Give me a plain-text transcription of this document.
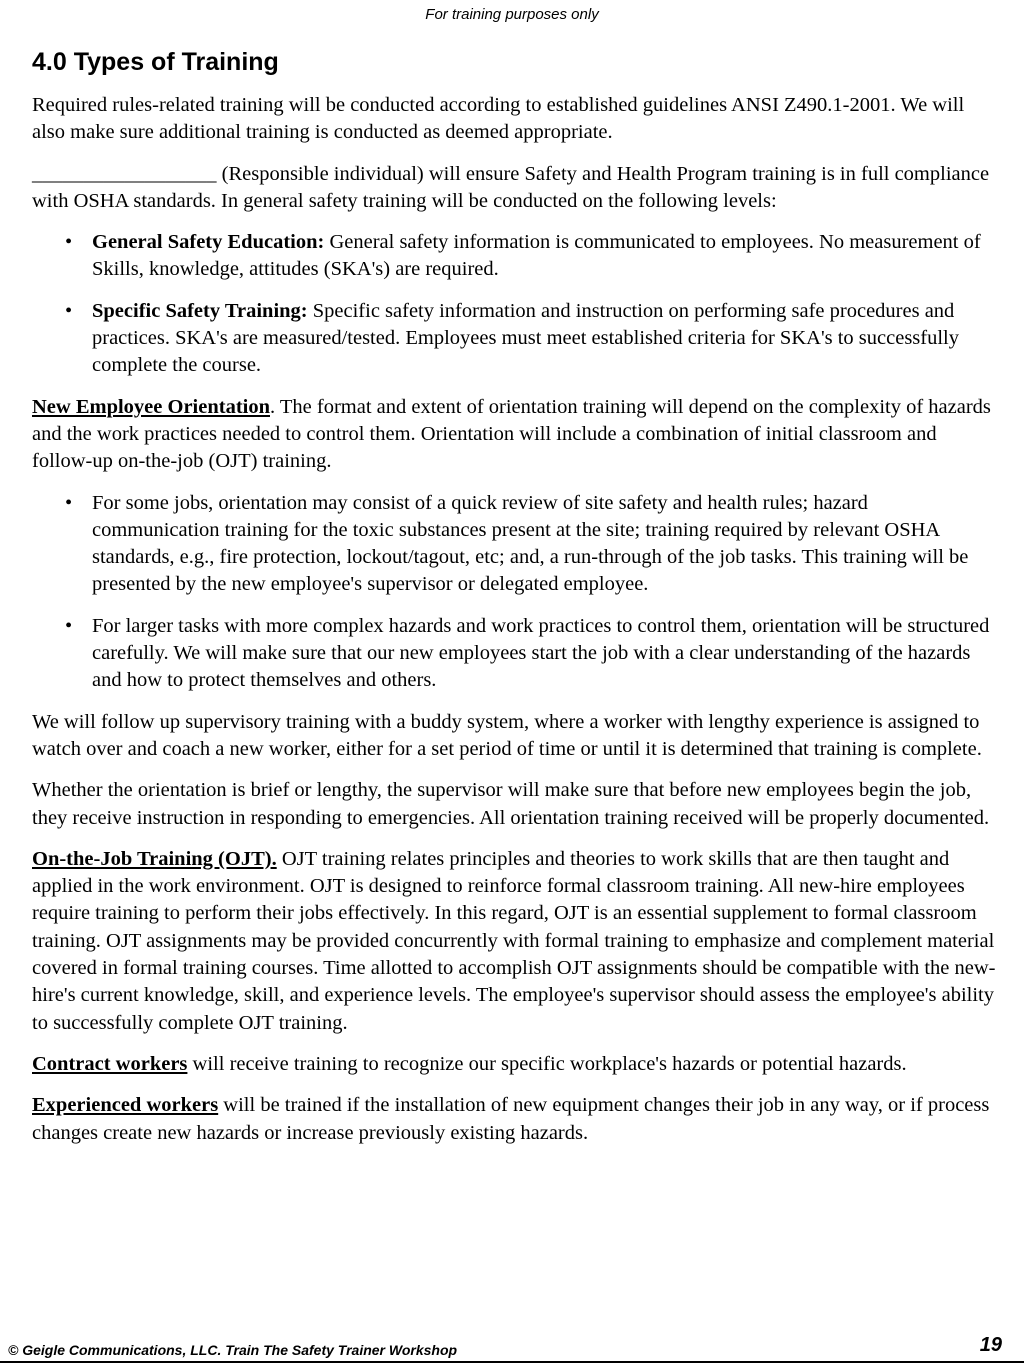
For training purposes only
4.0 Types of Training

Required rules-related training will be conducted according to established guidelines ANSI Z490.1-2001. We will also make sure additional training is conducted as deemed appropriate.

__________________ (Responsible individual) will ensure Safety and Health Program training is in full compliance with OSHA standards. In general safety training will be conducted on the following levels:

• General Safety Education: General safety information is communicated to employees. No measurement of Skills, knowledge, attitudes (SKA's) are required.
• Specific Safety Training: Specific safety information and instruction on performing safe procedures and practices. SKA's are measured/tested. Employees must meet established criteria for SKA's to successfully complete the course.

New Employee Orientation. The format and extent of orientation training will depend on the complexity of hazards and the work practices needed to control them. Orientation will include a combination of initial classroom and follow-up on-the-job (OJT) training.

• For some jobs, orientation may consist of a quick review of site safety and health rules; hazard communication training for the toxic substances present at the site; training required by relevant OSHA standards, e.g., fire protection, lockout/tagout, etc; and, a run-through of the job tasks. This training will be presented by the new employee's supervisor or delegated employee.
• For larger tasks with more complex hazards and work practices to control them, orientation will be structured carefully. We will make sure that our new employees start the job with a clear understanding of the hazards and how to protect themselves and others.

We will follow up supervisory training with a buddy system, where a worker with lengthy experience is assigned to watch over and coach a new worker, either for a set period of time or until it is determined that training is complete.

Whether the orientation is brief or lengthy, the supervisor will make sure that before new employees begin the job, they receive instruction in responding to emergencies. All orientation training received will be properly documented.

On-the-Job Training (OJT). OJT training relates principles and theories to work skills that are then taught and applied in the work environment. OJT is designed to reinforce formal classroom training. All new-hire employees require training to perform their jobs effectively. In this regard, OJT is an essential supplement to formal classroom training. OJT assignments may be provided concurrently with formal training to emphasize and complement material covered in formal training courses. Time allotted to accomplish OJT assignments should be compatible with the new-hire's current knowledge, skill, and experience levels. The employee's supervisor should assess the employee's ability to successfully complete OJT training.

Contract workers will receive training to recognize our specific workplace's hazards or potential hazards.

Experienced workers will be trained if the installation of new equipment changes their job in any way, or if process changes create new hazards or increase previously existing hazards.

© Geigle Communications, LLC. Train The Safety Trainer Workshop	19
